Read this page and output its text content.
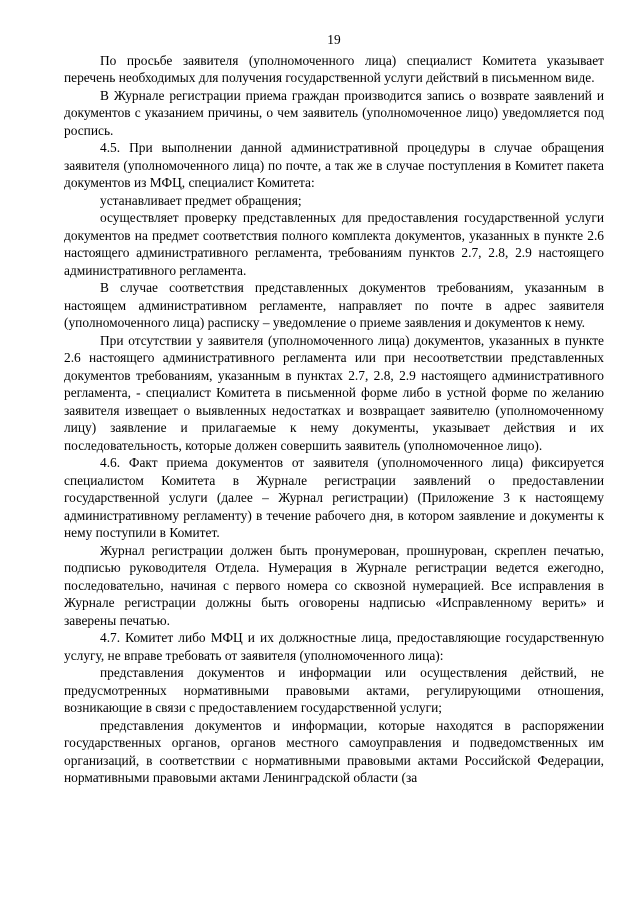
19

По просьбе заявителя (уполномоченного лица) специалист Комитета указывает перечень необходимых для получения государственной услуги действий в письменном виде.

В Журнале регистрации приема граждан производится запись о возврате заявлений и документов с указанием причины, о чем заявитель (уполномоченное лицо) уведомляется под роспись.

4.5. При выполнении данной административной процедуры в случае обращения заявителя (уполномоченного лица) по почте, а так же в случае поступления в Комитет пакета документов из МФЦ, специалист Комитета:

устанавливает предмет обращения;

осуществляет проверку представленных для предоставления государственной услуги документов на предмет соответствия полного комплекта документов, указанных в пункте 2.6 настоящего административного регламента, требованиям пунктов 2.7, 2.8, 2.9 настоящего административного регламента.

В случае соответствия представленных документов требованиям, указанным в настоящем административном регламенте, направляет по почте в адрес заявителя (уполномоченного лица) расписку – уведомление о приеме заявления и документов к нему.

При отсутствии у заявителя (уполномоченного лица) документов, указанных в пункте 2.6 настоящего административного регламента или при несоответствии представленных документов требованиям, указанным в пунктах 2.7, 2.8, 2.9 настоящего административного регламента, - специалист Комитета в письменной форме либо в устной форме по желанию заявителя извещает о выявленных недостатках и возвращает заявителю (уполномоченному лицу) заявление и прилагаемые к нему документы, указывает действия и их последовательность, которые должен совершить заявитель (уполномоченное лицо).

4.6. Факт приема документов от заявителя (уполномоченного лица) фиксируется специалистом Комитета в Журнале регистрации заявлений о предоставлении государственной услуги (далее – Журнал регистрации) (Приложение 3 к настоящему административному регламенту) в течение рабочего дня, в котором заявление и документы к нему поступили в Комитет.

Журнал регистрации должен быть пронумерован, прошнурован, скреплен печатью, подписью руководителя Отдела. Нумерация в Журнале регистрации ведется ежегодно, последовательно, начиная с первого номера со сквозной нумерацией. Все исправления в Журнале регистрации должны быть оговорены надписью «Исправленному верить» и заверены печатью.

4.7. Комитет либо МФЦ и их должностные лица, предоставляющие государственную услугу, не вправе требовать от заявителя (уполномоченного лица):

представления документов и информации или осуществления действий, не предусмотренных нормативными правовыми актами, регулирующими отношения, возникающие в связи с предоставлением государственной услуги;

представления документов и информации, которые находятся в распоряжении государственных органов, органов местного самоуправления и подведомственных им организаций, в соответствии с нормативными правовыми актами Российской Федерации, нормативными правовыми актами Ленинградской области (за
